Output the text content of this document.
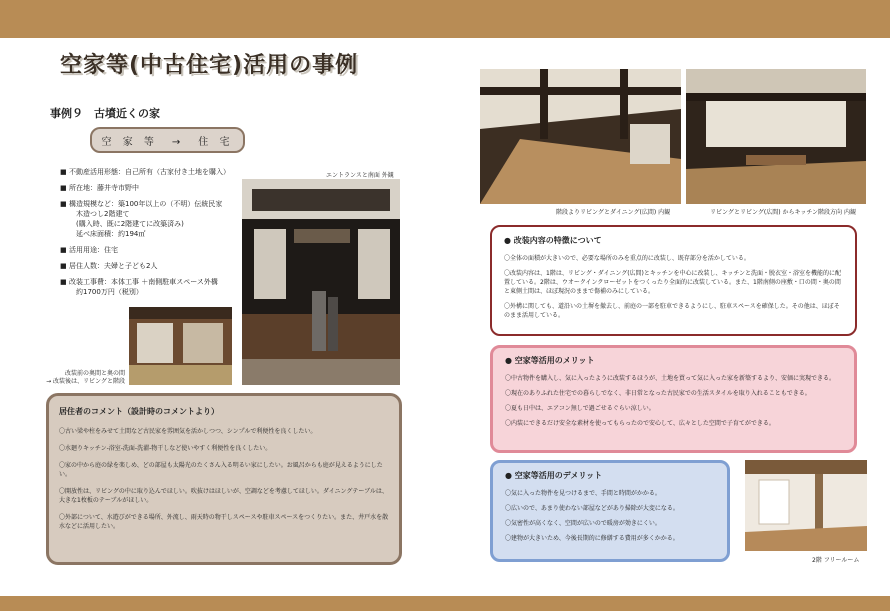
空家等(中古住宅)活用の事例
事例９　古墳近くの家
空 家 等　→　住 宅
■ 不動産活用形態：自己所有（古家付き土地を購入）
■ 所在地：藤井寺市野中
■ 構造規模など：築100年以上の（不明）伝統民家
　木造つし2階建て
　(購入時、既に2階建てに改築済み)
　延べ床面積：約194㎡
■ 活用用途：住宅
■ 居住人数：夫婦と子ども2人
■ 改装工事費：本体工事 ＋南側駐車スペース外構
　約1700万円（税別）
エントランスと南面 外観
改装前の奥間と奥の間
→ 改装後は、リビングと階段
居住者のコメント（設計時のコメントより）

〇古い梁や柱をみせて土間など古民家を雰囲気を活かしつつ、シンプルで利便性を良くしたい。

〇水廻りキッチン-浴室-洗面-洗濯-物干しなど使いやすく利便性を良くしたい。

〇家の中から庭の緑を楽しめ、どの部屋も太陽光のたくさん入る明るい家にしたい。お風呂からも庭が見えるようにしたい。

〇開放性は、リビングの中に取り込んでほしい。吹抜けはほしいが、空調などを考慮してほしい。ダイニングテーブルは、大きな1枚板のテーブルがほしい。

〇外部について、水遊びができる場所、外流し、雨天時の物干しスペースや駐車スペースをつくりたい。また、井戸水を散水などに活用したい。

階段よりリビングとダイニング(広間) 内観	リビングとリビング(広間) からキッチン階段方向 内観
● 改装内容の特徴について
〇全体の面積が大きいので、必要な場所のみを重点的に改装し、既存部分を活かしている。
〇改装内容は、1階は、リビング・ダイニング(広間)とキッチンを中心に改装し、キッチンと洗面・脱衣室・浴室を機能的に配置している。2階は、ウオークインクローゼットをつくったり全面的に改装している。また、1階南側の座敷・口の間・奥の間と東側土間は、ほぼ現況のままで傷補のみにしている。
〇外構に関しても、道沿いの土塀を撤去し、前庭の一部を駐車できるようにし、駐車スペースを確保した。その他は、ほぼそのまま活用している。
● 空家等活用のメリット
〇中古物件を購入し、気に入ったように改装するほうが、土地を買って気に入った家を新築するより、安価に実現できる。
〇現在のありふれた住宅での暮らしでなく、非日常となった古民家での生活スタイルを取り入れることもできる。
〇夏も日中は、エアコン無しで過ごせるぐらい涼しい。
〇内装にできるだけ安全な素材を使ってもらったので安心して、広々とした空間で子育てができる。
● 空家等活用のデメリット
〇気に入った物件を見つけるまで、手間と時間がかかる。
〇広いので、あまり使わない部屋などがあり掃除が大変になる。
〇気密性が高くなく、空間が広いので暖房が効きにくい。
〇建物が大きいため、今後長期的に修繕する費用が多くかかる。
2階 フリールーム
